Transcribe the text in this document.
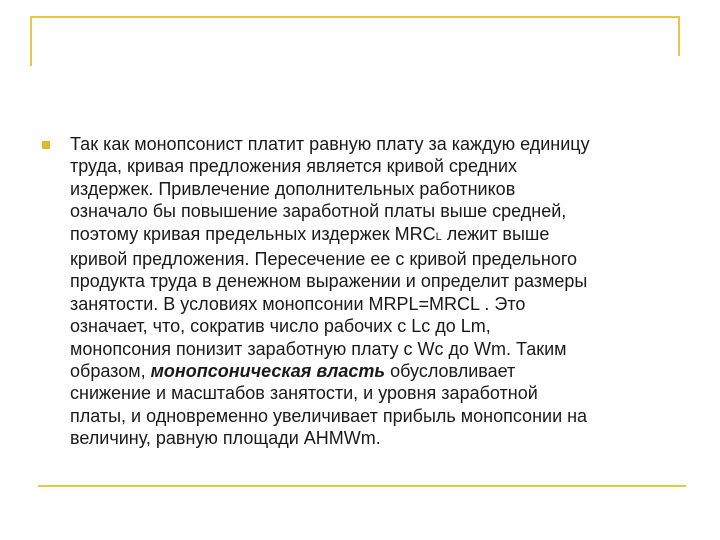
Так как монопсонист платит равную плату за каждую единицу
труда, кривая предложения является кривой средних
издержек. Привлечение дополнительных работников
означало бы повышение заработной платы выше средней,
поэтому кривая предельных издержек MRCL лежит выше
кривой предложения. Пересечение ее с кривой предельного
продукта труда в денежном выражении и определит размеры
занятости. В условиях монопсонии MRPL=MRCL . Это
означает, что, сократив число рабочих с Lc до Lm,
монопсония понизит заработную плату с Wc до Wm. Таким
образом, монопсоническая власть обусловливает
снижение и масштабов занятости, и уровня заработной
платы, и одновременно увеличивает прибыль монопсонии на
величину, равную площади AHMWm.
